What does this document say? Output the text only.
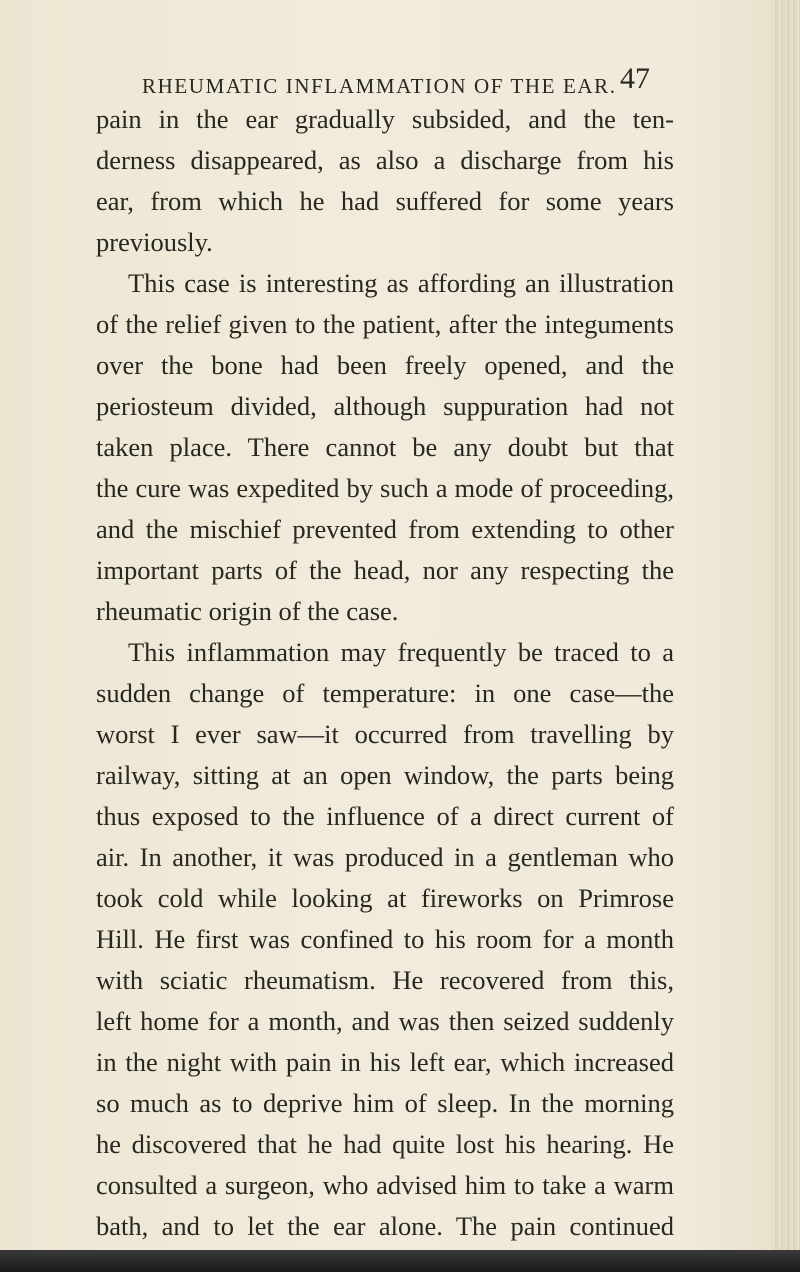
RHEUMATIC INFLAMMATION OF THE EAR. 47
pain in the ear gradually subsided, and the ten-
derness disappeared, as also a discharge from his
ear, from which he had suffered for some years
previously.
This case is interesting as affording an illustration
of the relief given to the patient, after the integuments
over the bone had been freely opened, and the
periosteum divided, although suppuration had not
taken place. There cannot be any doubt but that
the cure was expedited by such a mode of proceeding,
and the mischief prevented from extending to other
important parts of the head, nor any respecting the
rheumatic origin of the case.
This inflammation may frequently be traced to a
sudden change of temperature: in one case—the
worst I ever saw—it occurred from travelling by
railway, sitting at an open window, the parts being
thus exposed to the influence of a direct current of
air. In another, it was produced in a gentleman who
took cold while looking at fireworks on Primrose
Hill. He first was confined to his room for a month
with sciatic rheumatism. He recovered from this,
left home for a month, and was then seized suddenly
in the night with pain in his left ear, which increased
so much as to deprive him of sleep. In the morning
he discovered that he had quite lost his hearing. He
consulted a surgeon, who advised him to take a warm
bath, and to let the ear alone. The pain continued
